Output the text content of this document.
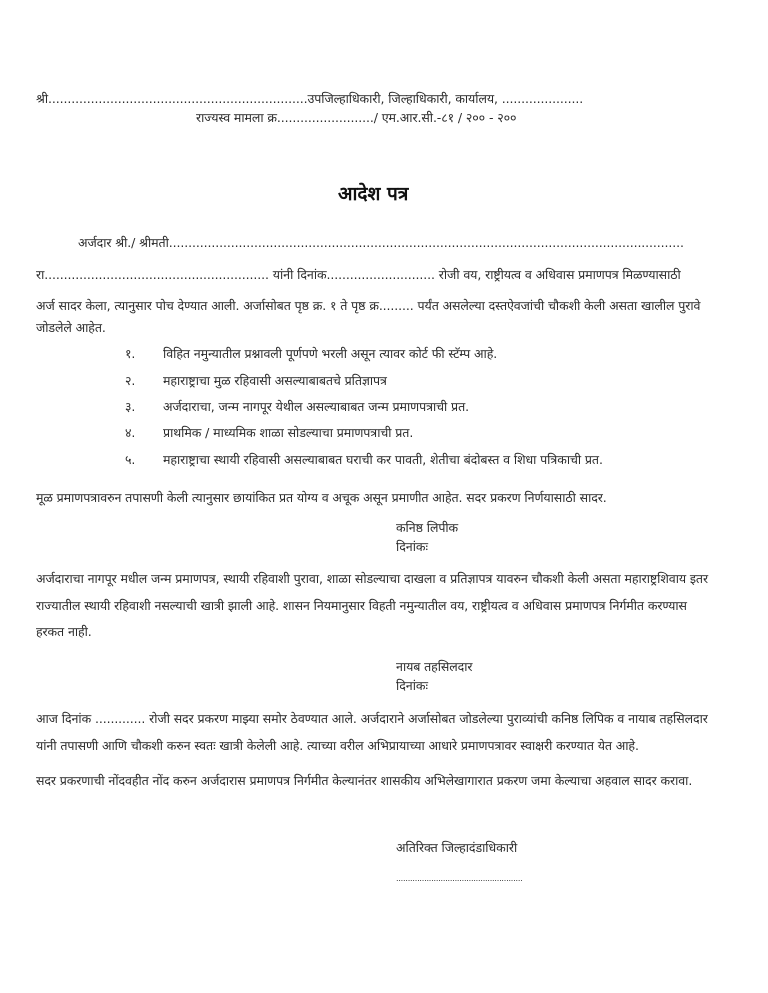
श्री...................................................................उपजिल्हाधिकारी, जिल्हाधिकारी, कार्यालय, .....................
राज्यस्व मामला क्र........................./ एम.आर.सी.-८१ / २०० - २००
आदेश पत्र
अर्जदार श्री./ श्रीमती.....................................................................................................................................
रा.......................................................... यांनी दिनांक............................ रोजी वय, राष्ट्रीयत्व व अधिवास प्रमाणपत्र मिळण्यासाठी
अर्ज सादर केला, त्यानुसार पोच देण्यात आली. अर्जासोबत पृष्ठ क्र. १ ते पृष्ठ क्र......... पर्यंत असलेल्या दस्तऐवजांची चौकशी केली असता खालील पुरावे
जोडलेले आहेत.
१. विहित नमुन्यातील प्रश्नावली पूर्णपणे भरली असून त्यावर कोर्ट फी स्टॅम्प आहे.
२. महाराष्ट्राचा मुळ रहिवासी असल्याबाबतचे प्रतिज्ञापत्र
३. अर्जदाराचा, जन्म नागपूर येथील असल्याबाबत जन्म प्रमाणपत्राची प्रत.
४. प्राथमिक / माध्यमिक शाळा सोडल्याचा प्रमाणपत्राची प्रत.
५. महाराष्ट्राचा स्थायी रहिवासी असल्याबाबत घराची कर पावती, शेतीचा बंदोबस्त व शिधा पत्रिकाची प्रत.
मूळ प्रमाणपत्रावरुन तपासणी केली त्यानुसार छायांकित प्रत योग्य व अचूक असून प्रमाणीत आहेत. सदर प्रकरण निर्णयासाठी सादर.
कनिष्ठ लिपीक
दिनांकः
अर्जदाराचा नागपूर मधील जन्म प्रमाणपत्र, स्थायी रहिवाशी पुरावा, शाळा सोडल्याचा दाखला व प्रतिज्ञापत्र यावरुन चौकशी केली असता महाराष्ट्रशिवाय इतर
राज्यातील स्थायी रहिवाशी नसल्याची खात्री झाली आहे. शासन नियमानुसार विहती नमुन्यातील वय, राष्ट्रीयत्व व अधिवास प्रमाणपत्र निर्गमीत करण्यास
हरकत नाही.
नायब तहसिलदार
दिनांकः
आज दिनांक ............. रोजी सदर प्रकरण माझ्या समोर ठेवण्यात आले. अर्जदाराने अर्जासोबत जोडलेल्या पुराव्यांची कनिष्ठ लिपिक व नायाब तहसिलदार
यांनी तपासणी आणि चौकशी करुन स्वतः खात्री केलेली आहे. त्याच्या वरील अभिप्रायाच्या आधारे प्रमाणपत्रावर स्वाक्षरी करण्यात येत आहे.
सदर प्रकरणाची नोंदवहीत नोंद करुन अर्जदारास प्रमाणपत्र निर्गमीत केल्यानंतर शासकीय अभिलेखागारात प्रकरण जमा केल्याचा अहवाल सादर करावा.
अतिरिक्त जिल्हादंडाधिकारी
......................................................
